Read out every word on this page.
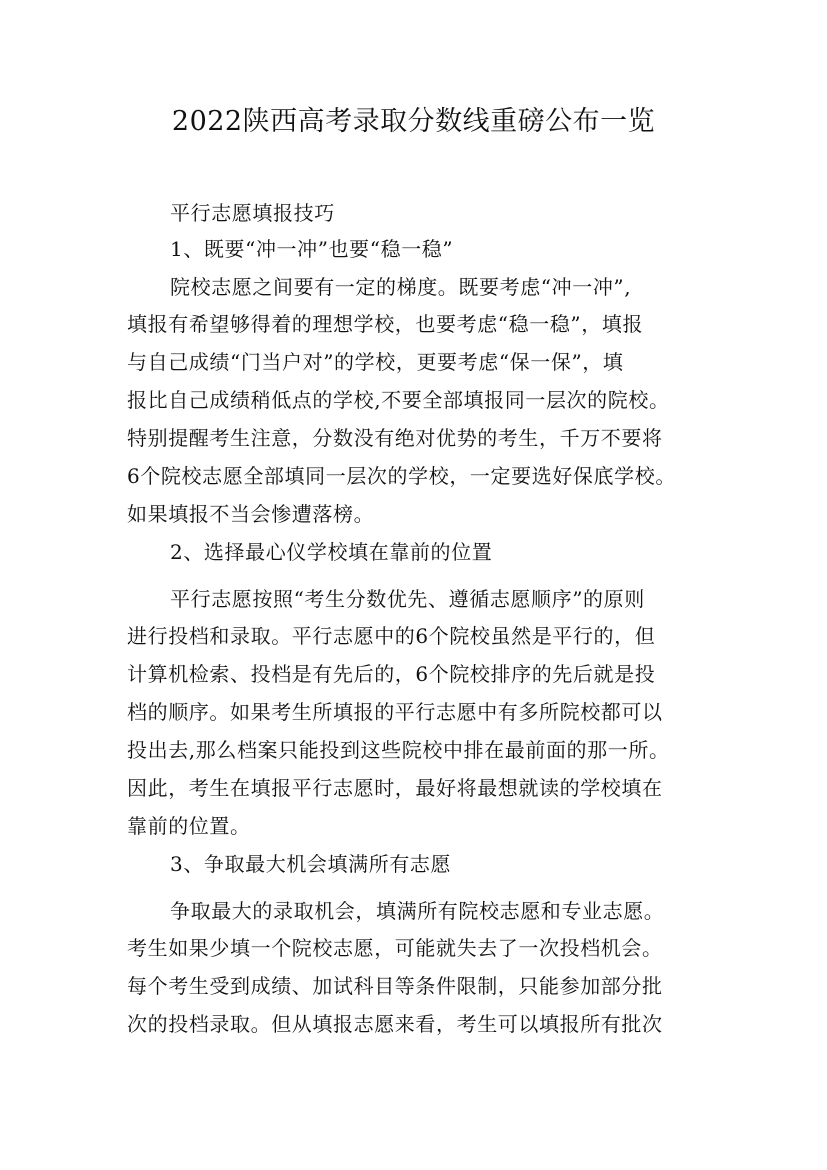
2022陕西高考录取分数线重磅公布一览
平行志愿填报技巧
1、既要“冲一冲”也要“稳一稳”
院校志愿之间要有一定的梯度。既要考虑“冲一冲”,
填报有希望够得着的理想学校，也要考虑“稳一稳”，填报
与自己成绩“门当户对”的学校，更要考虑“保一保”，填
报比自己成绩稍低点的学校,不要全部填报同一层次的院校。
特别提醒考生注意，分数没有绝对优势的考生，千万不要将
6个院校志愿全部填同一层次的学校，一定要选好保底学校。
如果填报不当会惨遭落榜。
2、选择最心仪学校填在靠前的位置
平行志愿按照“考生分数优先、遵循志愿顺序”的原则
进行投档和录取。平行志愿中的6个院校虽然是平行的，但
计算机检索、投档是有先后的，6个院校排序的先后就是投
档的顺序。如果考生所填报的平行志愿中有多所院校都可以
投出去,那么档案只能投到这些院校中排在最前面的那一所。
因此，考生在填报平行志愿时，最好将最想就读的学校填在
靠前的位置。
3、争取最大机会填满所有志愿
争取最大的录取机会，填满所有院校志愿和专业志愿。
考生如果少填一个院校志愿，可能就失去了一次投档机会。
每个考生受到成绩、加试科目等条件限制，只能参加部分批
次的投档录取。但从填报志愿来看，考生可以填报所有批次
